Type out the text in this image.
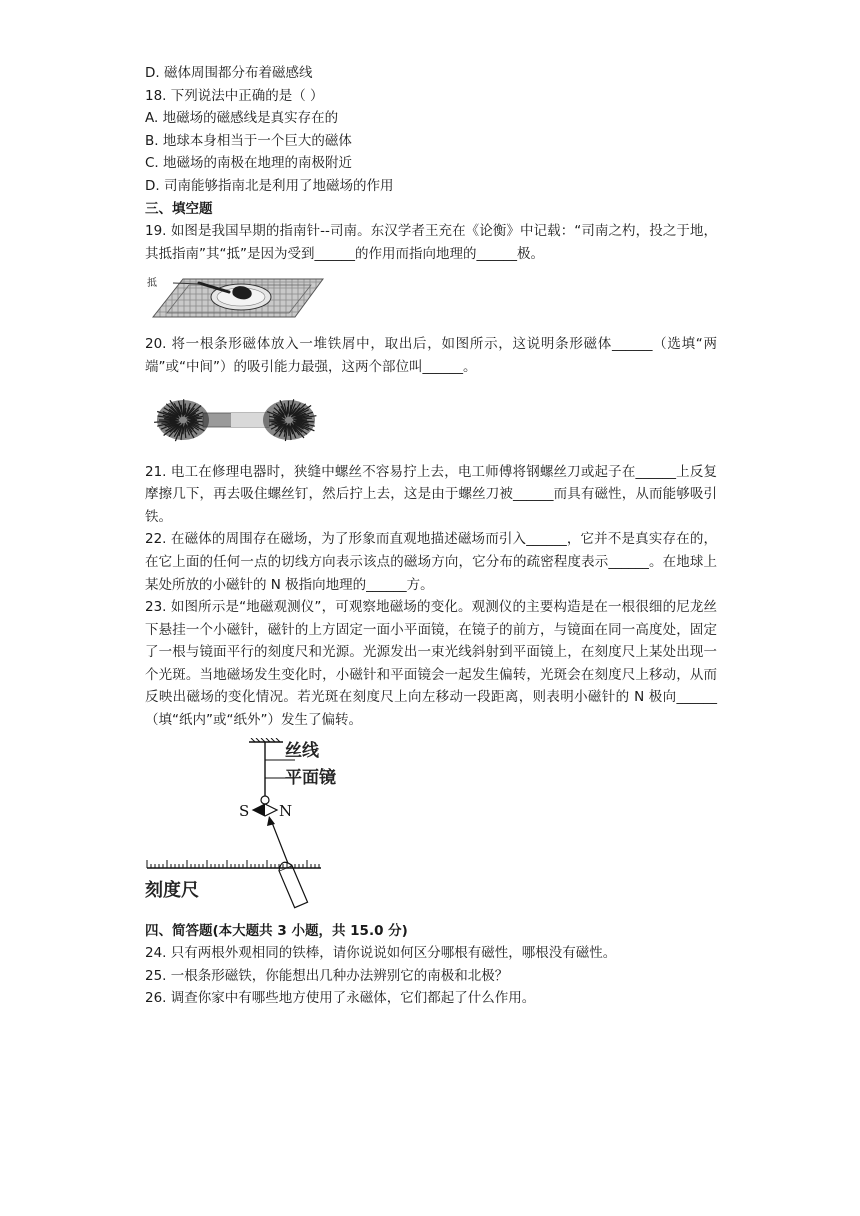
D. 磁体周围都分布着磁感线
18. 下列说法中正确的是（ ）
A. 地磁场的磁感线是真实存在的
B. 地球本身相当于一个巨大的磁体
C. 地磁场的南极在地理的南极附近
D. 司南能够指南北是利用了地磁场的作用
三、填空题
19. 如图是我国早期的指南针--司南。东汉学者王充在《论衡》中记载：“司南之杓，投之于地，其抵指南”其“抵”是因为受到______的作用而指向地理的______极。
抵
20. 将一根条形磁体放入一堆铁屑中，取出后，如图所示，这说明条形磁体______（选填“两端”或“中间”）的吸引能力最强，这两个部位叫______。
21. 电工在修理电器时，狭缝中螺丝不容易拧上去，电工师傅将钢螺丝刀或起子在______上反复摩擦几下，再去吸住螺丝钉，然后拧上去，这是由于螺丝刀被______而具有磁性，从而能够吸引铁。
22. 在磁体的周围存在磁场，为了形象而直观地描述磁场而引入______，它并不是真实存在的，在它上面的任何一点的切线方向表示该点的磁场方向，它分布的疏密程度表示______。在地球上某处所放的小磁针的 N 极指向地理的______方。
23. 如图所示是“地磁观测仪”，可观察地磁场的变化。观测仪的主要构造是在一根很细的尼龙丝下悬挂一个小磁针，磁针的上方固定一面小平面镜，在镜子的前方，与镜面在同一高度处，固定了一根与镜面平行的刻度尺和光源。光源发出一束光线斜射到平面镜上，在刻度尺上某处出现一个光斑。当地磁场发生变化时，小磁针和平面镜会一起发生偏转，光斑会在刻度尺上移动，从而反映出磁场的变化情况。若光斑在刻度尺上向左移动一段距离，则表明小磁针的 N 极向______（填“纸内”或“纸外”）发生了偏转。
丝线
平面镜
S N
刻度尺
四、简答题(本大题共 3 小题，共 15.0 分)
24. 只有两根外观相同的铁棒，请你说说如何区分哪根有磁性，哪根没有磁性。
25. 一根条形磁铁，你能想出几种办法辨别它的南极和北极？
26. 调查你家中有哪些地方使用了永磁体，它们都起了什么作用。
